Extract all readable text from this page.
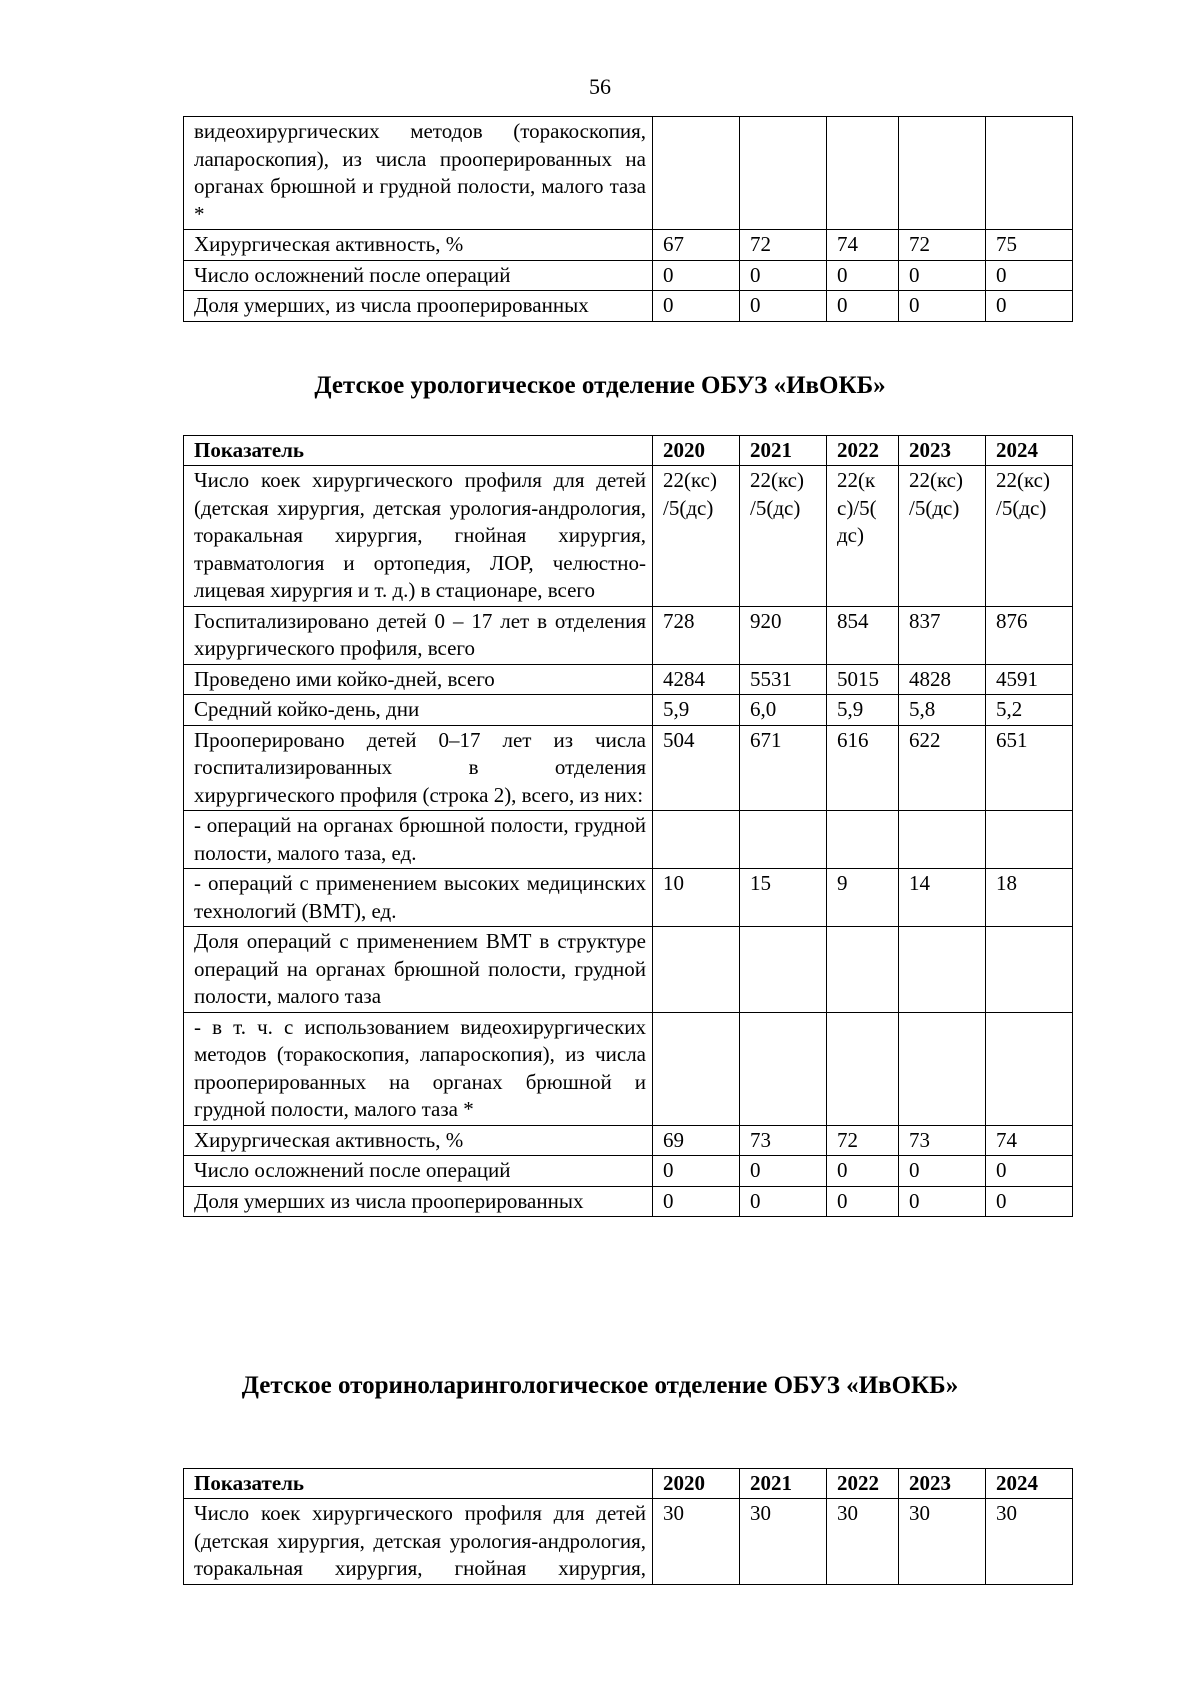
56
видеохирургических методов (торакоскопия, лапароскопия), из числа прооперированных на органах брюшной и грудной полости, малого таза *					
Хирургическая активность, %	67	72	74	72	75
Число осложнений после операций	0	0	0	0	0
Доля умерших, из числа прооперированных	0	0	0	0	0
Детское урологическое отделение ОБУЗ «ИвОКБ»
Показатель	2020	2021	2022	2023	2024
Число коек хирургического профиля для детей (детская хирургия, детская урология-андрология, торакальная хирургия, гнойная хирургия, травматология и ортопедия, ЛОР, челюстно-лицевая хирургия и т. д.) в стационаре, всего	22(кс) /5(дс)	22(кс) /5(дс)	22(к с)/5( дс)	22(кс) /5(дс)	22(кс) /5(дс)
Госпитализировано детей 0 – 17 лет в отделения хирургического профиля, всего	728	920	854	837	876
Проведено ими койко-дней, всего	4284	5531	5015	4828	4591
Средний койко-день, дни	5,9	6,0	5,9	5,8	5,2
Прооперировано детей 0–17 лет из числа госпитализированных в отделения хирургического профиля (строка 2), всего, из них:	504	671	616	622	651
- операций на органах брюшной полости, грудной полости, малого таза, ед.					
- операций с применением высоких медицинских технологий (ВМТ), ед.	10	15	9	14	18
Доля операций с применением ВМТ в структуре операций на органах брюшной полости, грудной полости, малого таза					
- в т. ч. с использованием видеохирургических методов (торакоскопия, лапароскопия), из числа прооперированных на органах брюшной и грудной полости, малого таза *					
Хирургическая активность, %	69	73	72	73	74
Число осложнений после операций	0	0	0	0	0
Доля умерших из числа прооперированных	0	0	0	0	0
Детское оториноларингологическое отделение ОБУЗ «ИвОКБ»
Показатель	2020	2021	2022	2023	2024
Число коек хирургического профиля для детей (детская хирургия, детская урология-андрология, торакальная хирургия, гнойная хирургия,	30	30	30	30	30
